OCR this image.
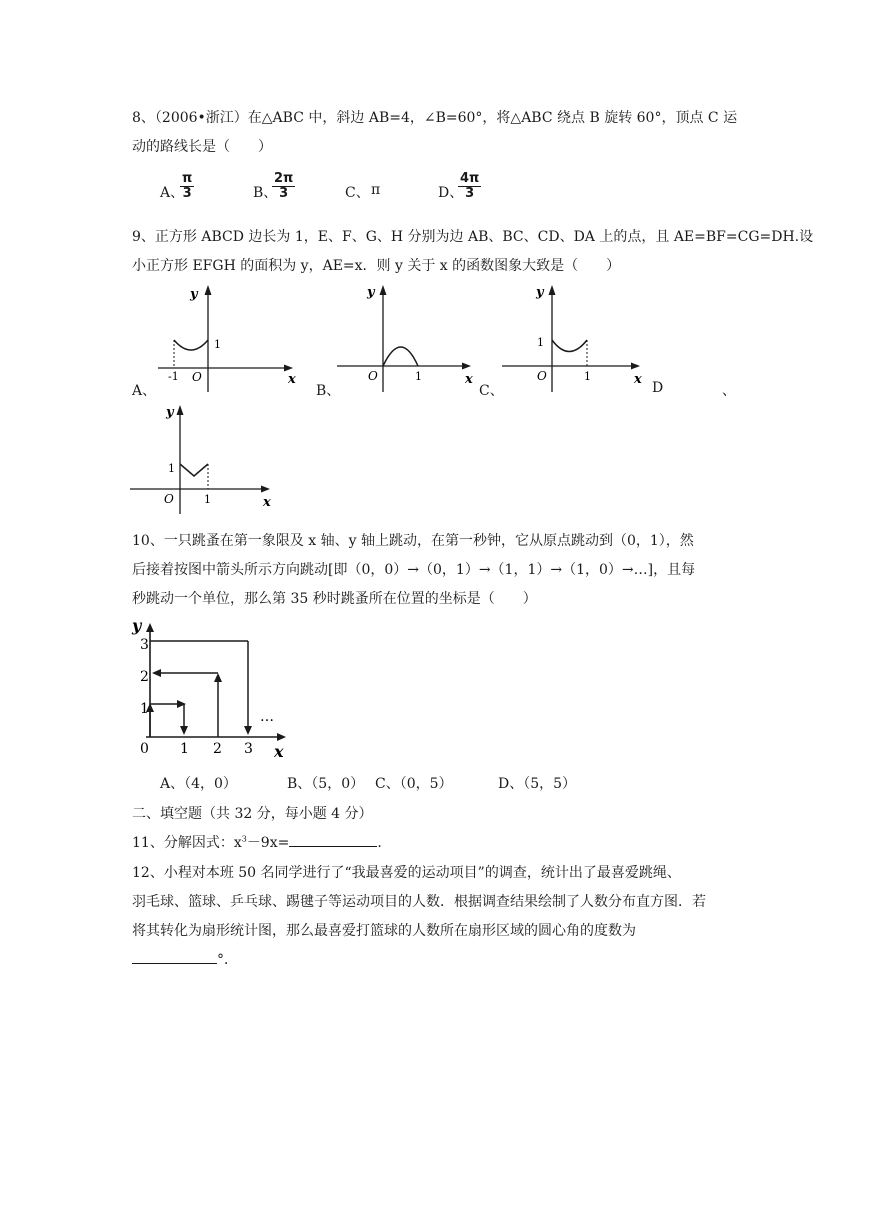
8、（2006•浙江）在△ABC 中，斜边 AB=4，∠B=60°，将△ABC 绕点 B 旋转 60°，顶点 C 运
动的路线长是（　　）
A、
$\frac{\pi}{3}$	B、
$\frac{2\pi}{3}$	C、 π	D、
$\frac{4\pi}{3}$
9、正方形 ABCD 边长为 1，E、F、G、H 分别为边 AB、BC、CD、DA 上的点，且 AE=BF=CG=DH.设
小正方形 EFGH 的面积为 y，AE=x．则 y 关于 x 的函数图象大致是（　　）
A、	B、	C、	D	、
y
x
O
-1
1
y
x
O	1
y
x
O
1
1
y
x
O
1
1
10、一只跳蚤在第一象限及 x 轴、y 轴上跳动，在第一秒钟，它从原点跳动到（0，1），然
后接着按图中箭头所示方向跳动[即（0，0）→（0，1）→（1，1）→（1，0）→…]，且每
秒跳动一个单位，那么第 35 秒时跳蚤所在位置的坐标是（　　）
y
x
0 1 2 3
1
2
3
…
A、（4，0）	B、（5，0） C、（0，5）	D、（5，5）
二、填空题（共 32 分，每小题 4 分）
11、分解因式：$x^3-9x=$	.
12、小程对本班 50 名同学进行了“我最喜爱的运动项目”的调查，统计出了最喜爱跳绳、
羽毛球、篮球、乒乓球、踢毽子等运动项目的人数．根据调查结果绘制了人数分布直方图．若
将其转化为扇形统计图，那么最喜爱打篮球的人数所在扇形区域的圆心角的度数为
°．
